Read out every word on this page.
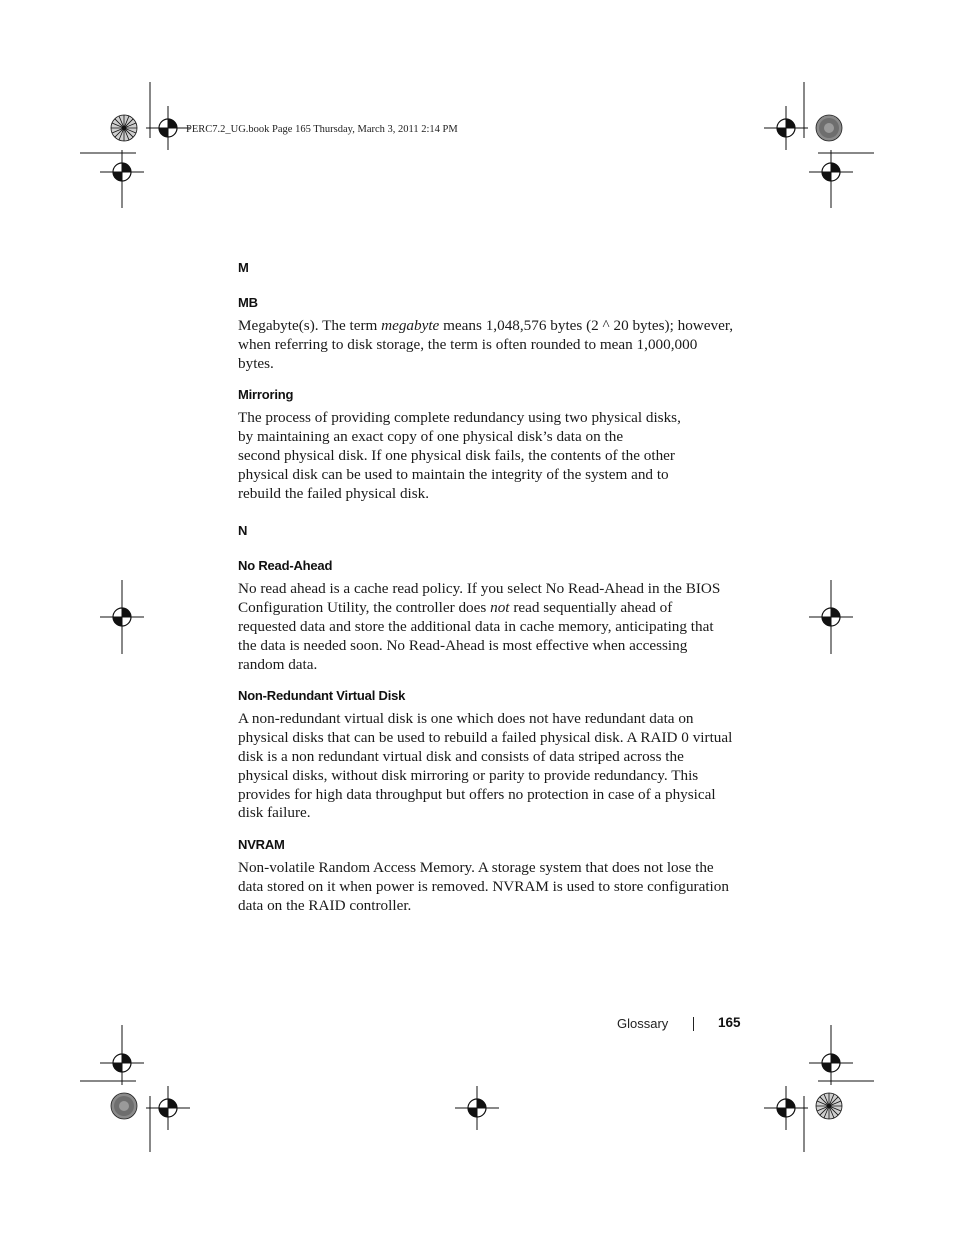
PERC7.2_UG.book Page 165 Thursday, March 3, 2011 2:14 PM
M
MB

Megabyte(s). The term megabyte means 1,048,576 bytes (2 ^ 20 bytes); however,
when referring to disk storage, the term is often rounded to mean 1,000,000
bytes.

Mirroring

The process of providing complete redundancy using two physical disks,
by maintaining an exact copy of one physical disk’s data on the
second physical disk. If one physical disk fails, the contents of the other
physical disk can be used to maintain the integrity of the system and to
rebuild the failed physical disk.

N
No Read-Ahead

No read ahead is a cache read policy. If you select No Read-Ahead in the BIOS
Configuration Utility, the controller does not read sequentially ahead of
requested data and store the additional data in cache memory, anticipating that
the data is needed soon. No Read-Ahead is most effective when accessing
random data.

Non-Redundant Virtual Disk

A non-redundant virtual disk is one which does not have redundant data on
physical disks that can be used to rebuild a failed physical disk. A RAID 0 virtual
disk is a non redundant virtual disk and consists of data striped across the
physical disks, without disk mirroring or parity to provide redundancy. This
provides for high data throughput but offers no protection in case of a physical
disk failure.

NVRAM

Non-volatile Random Access Memory. A storage system that does not lose the
data stored on it when power is removed. NVRAM is used to store configuration
data on the RAID controller.

Glossary	165
